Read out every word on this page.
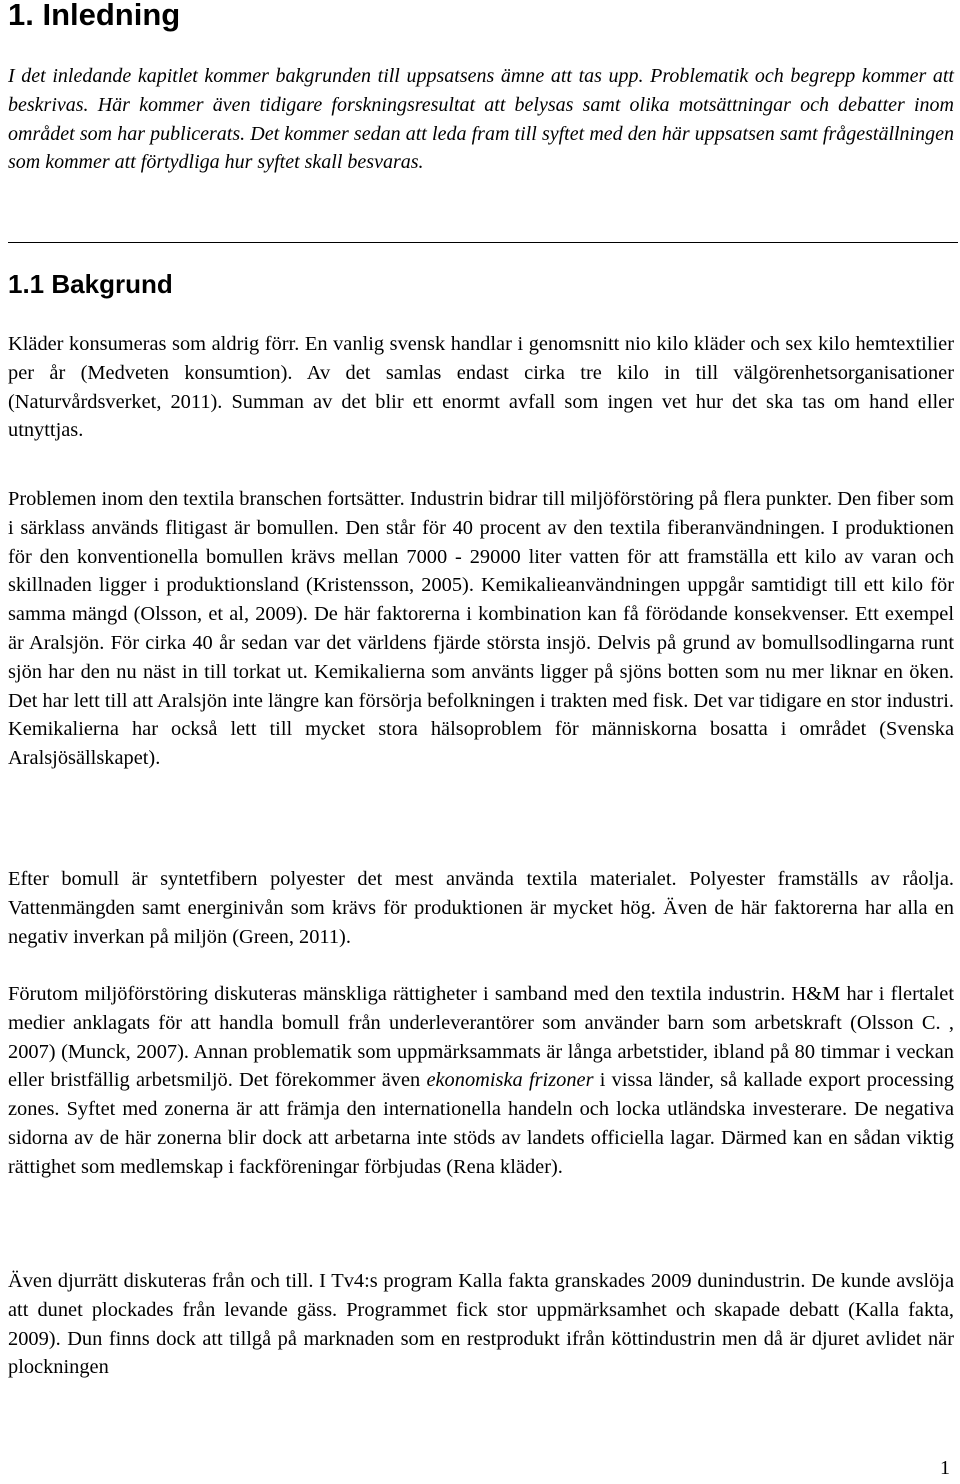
1. Inledning

I det inledande kapitlet kommer bakgrunden till uppsatsens ämne att tas upp. Problematik och begrepp kommer att beskrivas. Här kommer även tidigare forskningsresultat att belysas samt olika motsättningar och debatter inom området som har publicerats. Det kommer sedan att leda fram till syftet med den här uppsatsen samt frågeställningen som kommer att förtydliga hur syftet skall besvaras.

1.1 Bakgrund

Kläder konsumeras som aldrig förr. En vanlig svensk handlar i genomsnitt nio kilo kläder och sex kilo hemtextilier per år (Medveten konsumtion). Av det samlas endast cirka tre kilo in till välgörenhetsorganisationer (Naturvårdsverket, 2011). Summan av det blir ett enormt avfall som ingen vet hur det ska tas om hand eller utnyttjas.

Problemen inom den textila branschen fortsätter. Industrin bidrar till miljöförstöring på flera punkter. Den fiber som i särklass används flitigast är bomullen. Den står för 40 procent av den textila fiberanvändningen. I produktionen för den konventionella bomullen krävs mellan 7000 - 29000 liter vatten för att framställa ett kilo av varan och skillnaden ligger i produktionsland (Kristensson, 2005). Kemikalieanvändningen uppgår samtidigt till ett kilo för samma mängd (Olsson, et al, 2009). De här faktorerna i kombination kan få förödande konsekvenser. Ett exempel är Aralsjön. För cirka 40 år sedan var det världens fjärde största insjö. Delvis på grund av bomullsodlingarna runt sjön har den nu näst in till torkat ut. Kemikalierna som använts ligger på sjöns botten som nu mer liknar en öken. Det har lett till att Aralsjön inte längre kan försörja befolkningen i trakten med fisk. Det var tidigare en stor industri. Kemikalierna har också lett till mycket stora hälsoproblem för människorna bosatta i området (Svenska Aralsjösällskapet).

Efter bomull är syntetfibern polyester det mest använda textila materialet. Polyester framställs av råolja. Vattenmängden samt energinivån som krävs för produktionen är mycket hög. Även de här faktorerna har alla en negativ inverkan på miljön (Green, 2011).

Förutom miljöförstöring diskuteras mänskliga rättigheter i samband med den textila industrin. H&M har i flertalet medier anklagats för att handla bomull från underleverantörer som använder barn som arbetskraft (Olsson C. , 2007) (Munck, 2007). Annan problematik som uppmärksammats är långa arbetstider, ibland på 80 timmar i veckan eller bristfällig arbetsmiljö. Det förekommer även ekonomiska frizoner i vissa länder, så kallade export processing zones. Syftet med zonerna är att främja den internationella handeln och locka utländska investerare. De negativa sidorna av de här zonerna blir dock att arbetarna inte stöds av landets officiella lagar. Därmed kan en sådan viktig rättighet som medlemskap i fackföreningar förbjudas (Rena kläder).

Även djurrätt diskuteras från och till. I Tv4:s program Kalla fakta granskades 2009 dunindustrin. De kunde avslöja att dunet plockades från levande gäss. Programmet fick stor uppmärksamhet och skapade debatt (Kalla fakta, 2009). Dun finns dock att tillgå på marknaden som en restprodukt ifrån köttindustrin men då är djuret avlidet när plockningen

1
